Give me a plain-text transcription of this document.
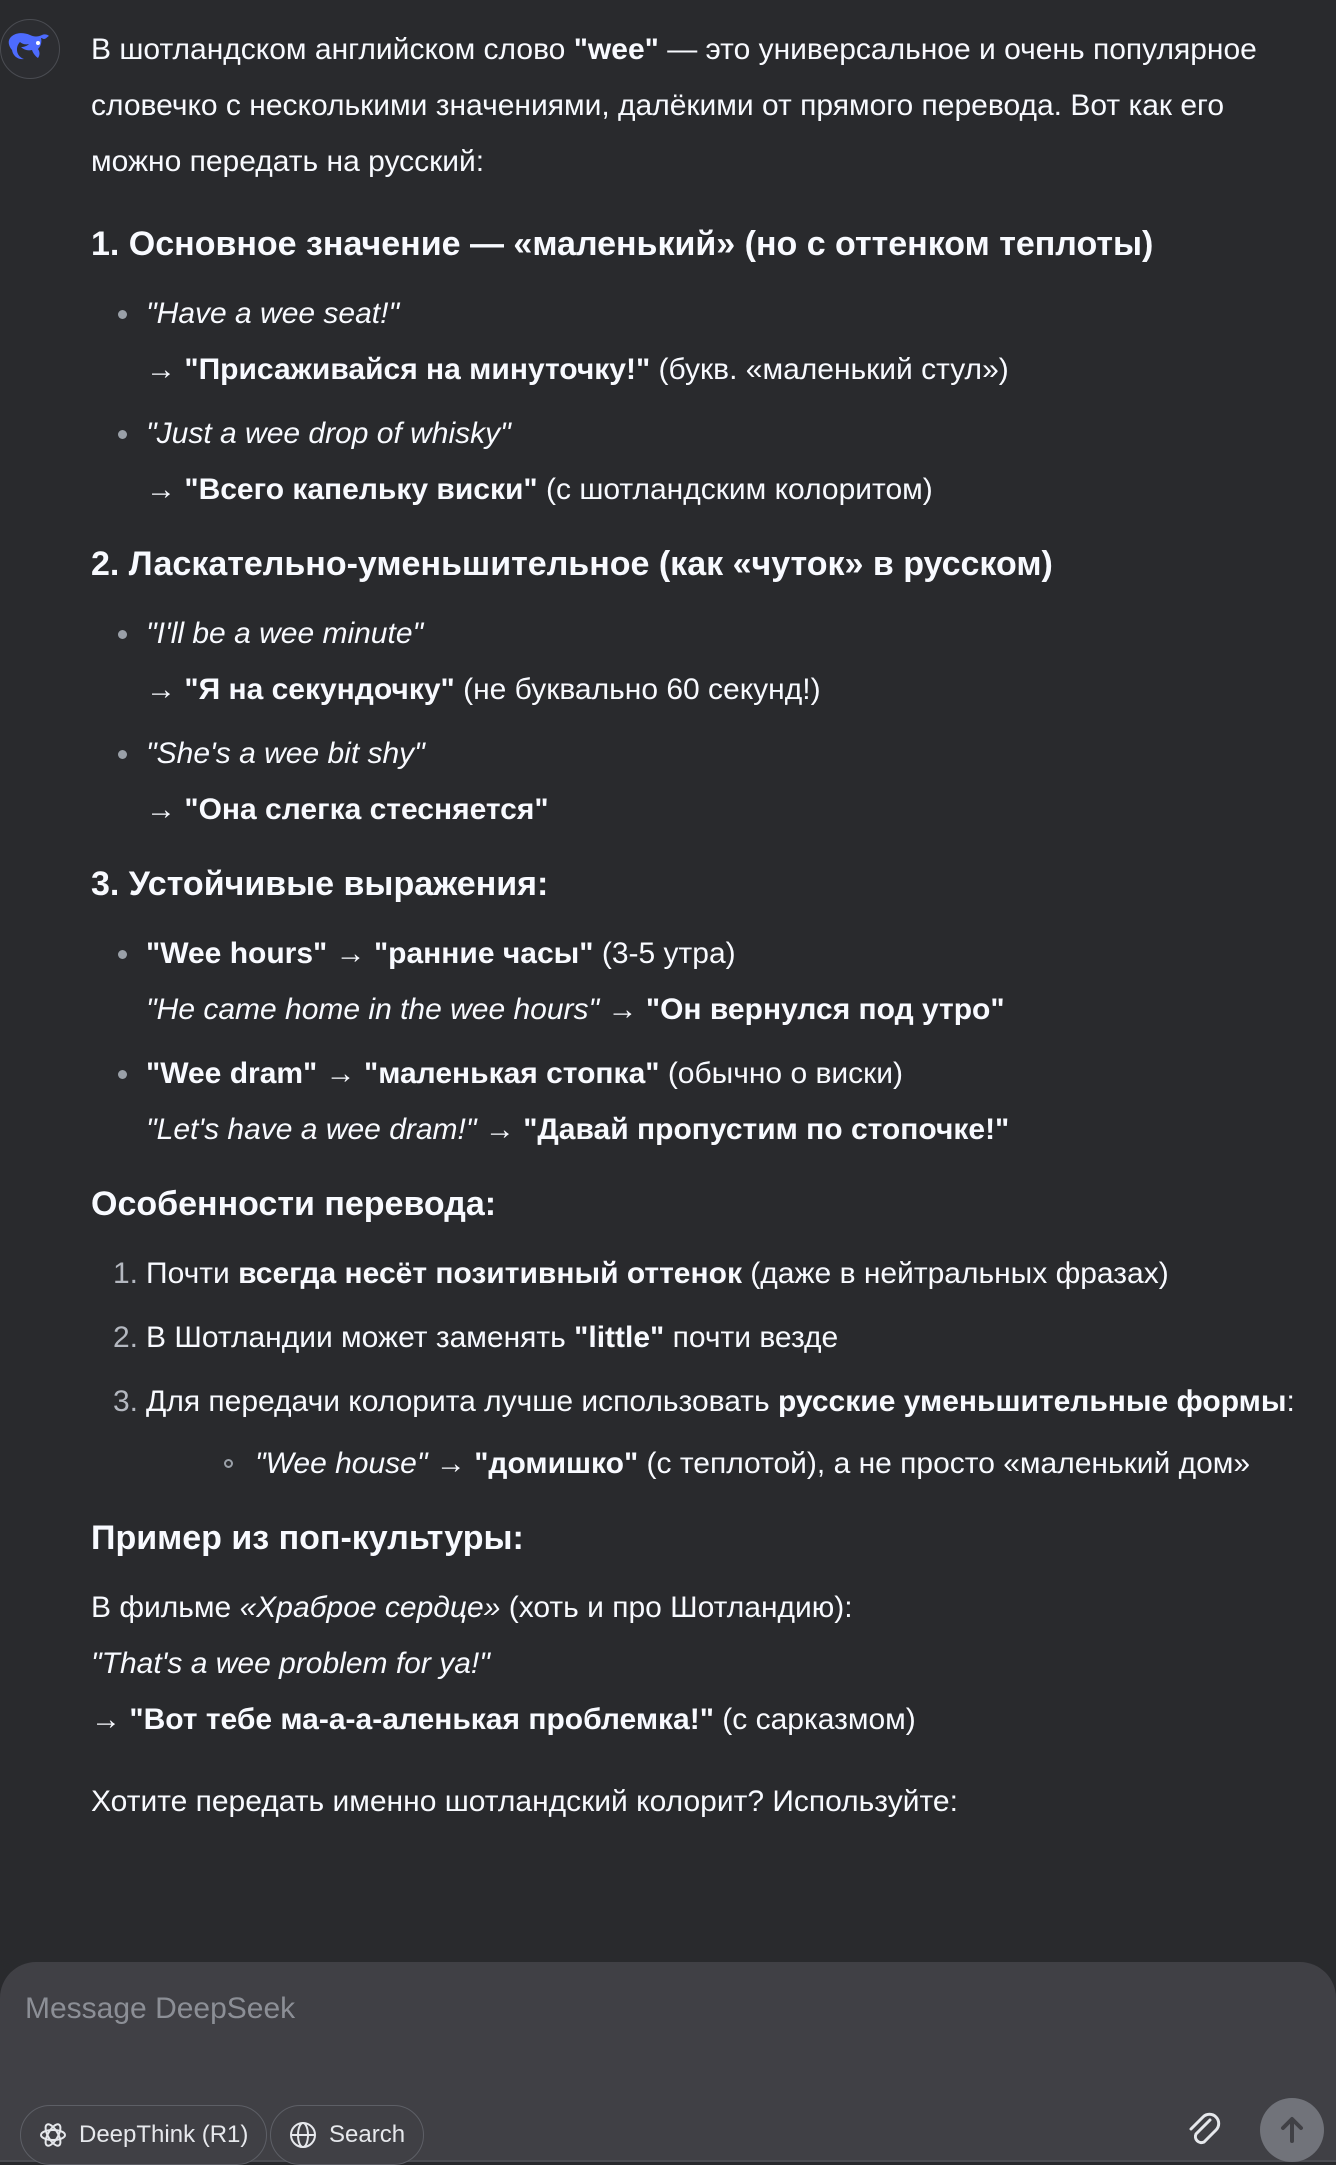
В шотландском английском слово "wee" — это универсальное и очень популярное
словечко с несколькими значениями, далёкими от прямого перевода. Вот как его
можно передать на русский:

1. Основное значение — «маленький» (но с оттенком теплоты)
"Have a wee seat!"
→ "Присаживайся на минуточку!" (букв. «маленький стул»)
"Just a wee drop of whisky"
→ "Всего капельку виски" (с шотландским колоритом)
2. Ласкательно-уменьшительное (как «чуток» в русском)
"I'll be a wee minute"
→ "Я на секундочку" (не буквально 60 секунд!)
"She's a wee bit shy"
→ "Она слегка стесняется"
3. Устойчивые выражения:
"Wee hours" → "ранние часы" (3-5 утра)
"He came home in the wee hours" → "Он вернулся под утро"
"Wee dram" → "маленькая стопка" (обычно о виски)
"Let's have a wee dram!" → "Давай пропустим по стопочке!"
Особенности перевода:
1. Почти всегда несёт позитивный оттенок (даже в нейтральных фразах)
2. В Шотландии может заменять "little" почти везде
3. Для передачи колорита лучше использовать русские уменьшительные формы:
"Wee house" → "домишко" (с теплотой), а не просто «маленький дом»
Пример из поп-культуры:

В фильме «Храброе сердце» (хоть и про Шотландию):
"That's a wee problem for ya!"
→ "Вот тебе ма-а-а-аленькая проблемка!" (с сарказмом)

Хотите передать именно шотландский колорит? Используйте:

Message DeepSeek
DeepThink (R1)	Search
